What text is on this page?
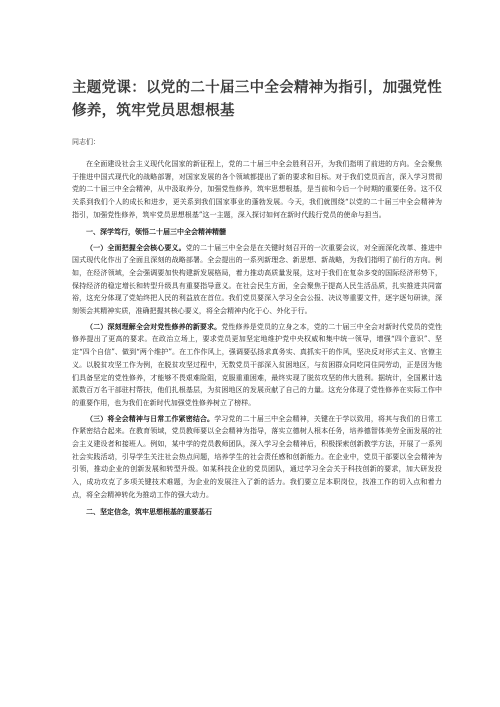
主题党课：以党的二十届三中全会精神为指引，加强党性修养，筑牢党员思想根基

同志们：

在全面建设社会主义现代化国家的新征程上，党的二十届三中全会胜利召开，为我们指明了前进的方向。全会聚焦于推进中国式现代化的战略部署，对国家发展的各个领域都提出了新的要求和目标。对于我们党员而言，深入学习贯彻党的二十届三中全会精神，从中汲取养分，加强党性修养，筑牢思想根基，是当前和今后一个时期的重要任务。这不仅关系到我们个人的成长和进步，更关系到我们国家事业的蓬勃发展。今天，我们就围绕“以党的二十届三中全会精神为指引，加强党性修养，筑牢党员思想根基”这一主题，深入探讨如何在新时代践行党员的使命与担当。

一、深学笃行，领悟二十届三中全会精神精髓

（一）全面把握全会核心要义。党的二十届三中全会是在关键时刻召开的一次重要会议，对全面深化改革、推进中国式现代化作出了全面且深刻的战略部署。全会提出的一系列新理念、新思想、新战略，为我们指明了前行的方向。例如，在经济领域，全会强调要加快构建新发展格局，着力推动高质量发展，这对于我们在复杂多变的国际经济形势下，保持经济的稳定增长和转型升级具有重要指导意义。在社会民生方面，全会聚焦于提高人民生活品质，扎实推进共同富裕，这充分体现了党始终把人民的利益放在首位。我们党员要深入学习全会公报、决议等重要文件，逐字逐句研读，深刻领会其精神实质，准确把握其核心要义，将全会精神内化于心、外化于行。

（二）深刻理解全会对党性修养的新要求。党性修养是党员的立身之本，党的二十届三中全会对新时代党员的党性修养提出了更高的要求。在政治立场上，要求党员更加坚定地维护党中央权威和集中统一领导，增强“四个意识”、坚定“四个自信”、做到“两个维护”。在工作作风上，强调要弘扬求真务实、真抓实干的作风，坚决反对形式主义、官僚主义。以脱贫攻坚工作为例，在脱贫攻坚过程中，无数党员干部深入贫困地区，与贫困群众同吃同住同劳动，正是因为他们具备坚定的党性修养，才能够不畏艰难险阻，克服重重困难，最终实现了脱贫攻坚的伟大胜利。据统计，全国累计选派数百万名干部驻村帮扶，他们扎根基层，为贫困地区的发展贡献了自己的力量。这充分体现了党性修养在实际工作中的重要作用，也为我们在新时代加强党性修养树立了榜样。

（三）将全会精神与日常工作紧密结合。学习党的二十届三中全会精神，关键在于学以致用，将其与我们的日常工作紧密结合起来。在教育领域，党员教师要以全会精神为指导，落实立德树人根本任务，培养德智体美劳全面发展的社会主义建设者和接班人。例如，某中学的党员教师团队，深入学习全会精神后，积极探索创新教学方法，开展了一系列社会实践活动，引导学生关注社会热点问题，培养学生的社会责任感和创新能力。在企业中，党员干部要以全会精神为引领，推动企业的创新发展和转型升级。如某科技企业的党员团队，通过学习全会关于科技创新的要求，加大研发投入，成功攻克了多项关键技术难题，为企业的发展注入了新的活力。我们要立足本职岗位，找准工作的切入点和着力点，将全会精神转化为推动工作的强大动力。

二、坚定信念，筑牢思想根基的重要基石
